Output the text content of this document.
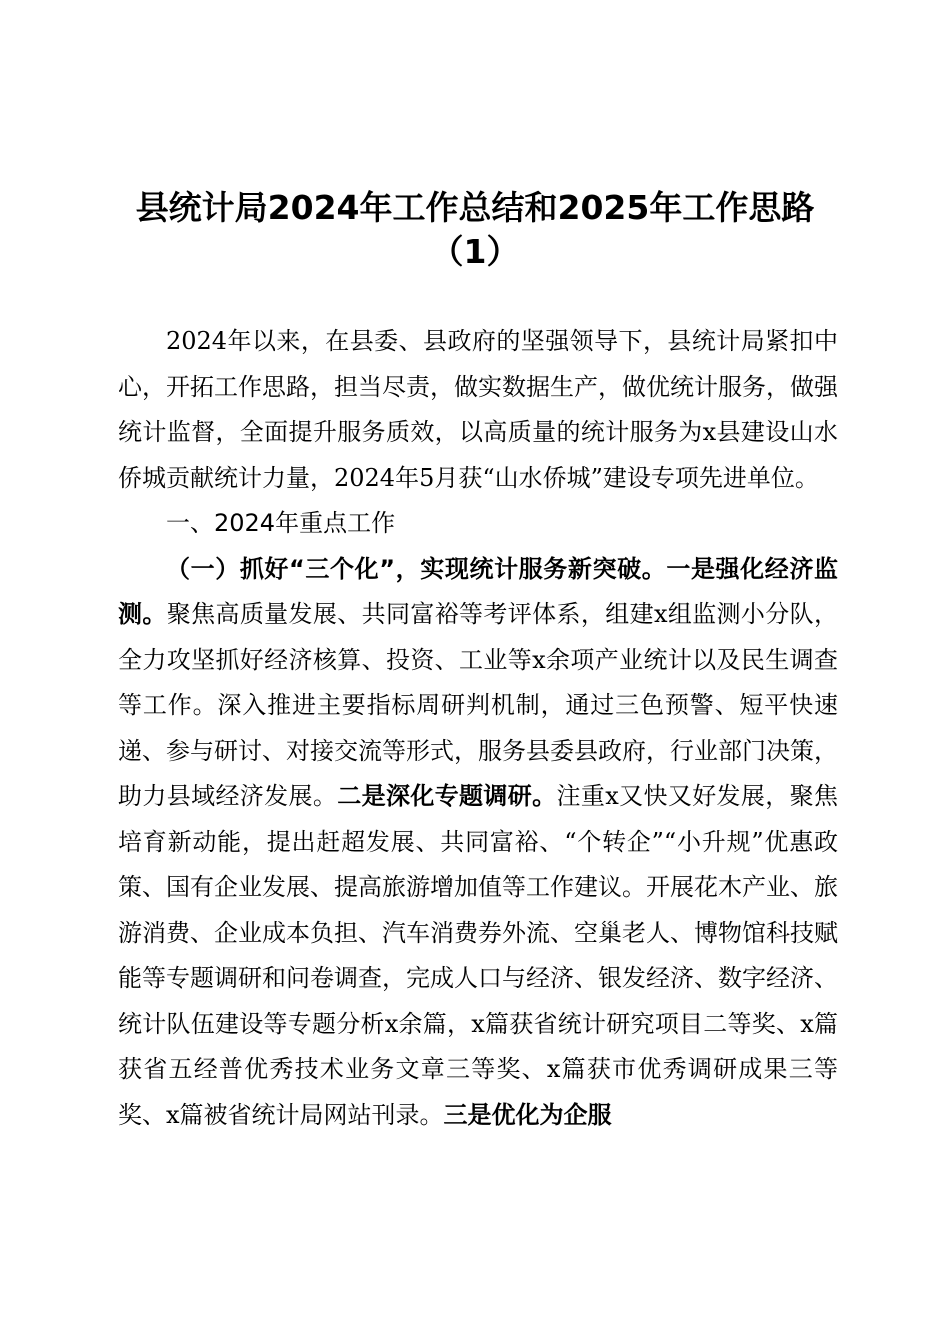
县统计局2024年工作总结和2025年工作思路
（1）

2024年以来，在县委、县政府的坚强领导下，县统计局紧扣中心，开拓工作思路，担当尽责，做实数据生产，做优统计服务，做强统计监督，全面提升服务质效，以高质量的统计服务为x县建设山水侨城贡献统计力量，2024年5月获“山水侨城”建设专项先进单位。

一、2024年重点工作

（一）抓好“三个化”，实现统计服务新突破。一是强化经济监测。聚焦高质量发展、共同富裕等考评体系，组建x组监测小分队，全力攻坚抓好经济核算、投资、工业等x余项产业统计以及民生调查等工作。深入推进主要指标周研判机制，通过三色预警、短平快速递、参与研讨、对接交流等形式，服务县委县政府，行业部门决策，助力县域经济发展。二是深化专题调研。注重x又快又好发展，聚焦培育新动能，提出赶超发展、共同富裕、“个转企”“小升规”优惠政策、国有企业发展、提高旅游增加值等工作建议。开展花木产业、旅游消费、企业成本负担、汽车消费券外流、空巢老人、博物馆科技赋能等专题调研和问卷调查，完成人口与经济、银发经济、数字经济、统计队伍建设等专题分析x余篇，x篇获省统计研究项目二等奖、x篇获省五经普优秀技术业务文章三等奖、x篇获市优秀调研成果三等奖、x篇被省统计局网站刊录。三是优化为企服
